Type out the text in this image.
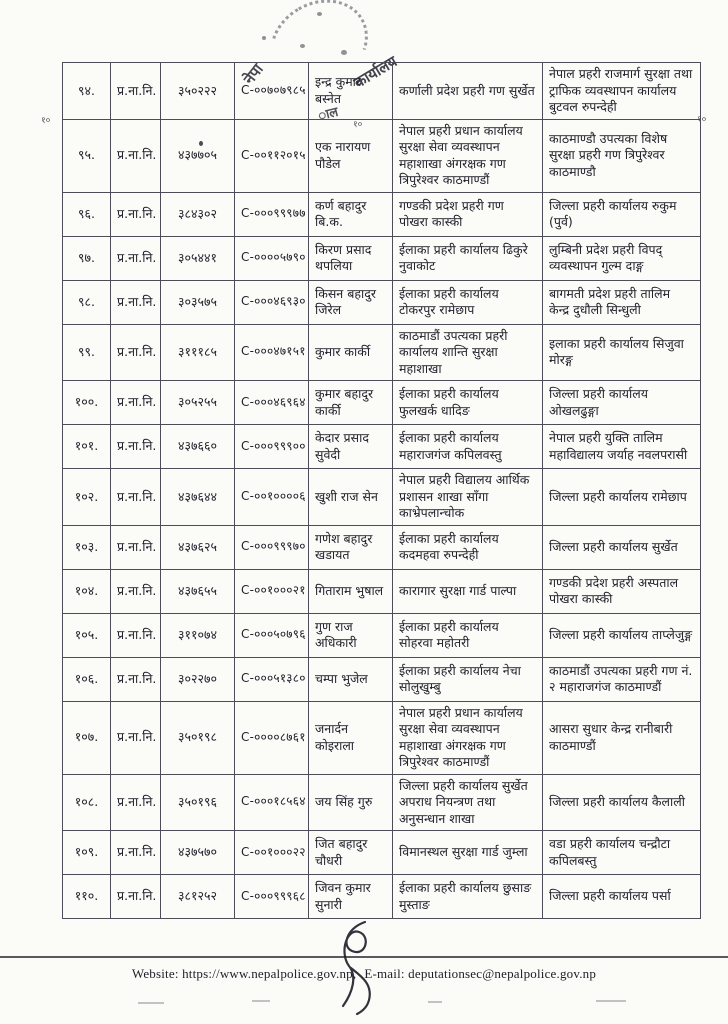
नेपा	कार्यालय
ाल
१०	१०	१०
९४.	प्र.ना.नि.	३५०२२२	C-००७०७९८५	इन्द्र कुमार बस्नेत	कर्णाली प्रदेश प्रहरी गण सुर्खेत	नेपाल प्रहरी राजमार्ग सुरक्षा तथा ट्राफिक व्यवस्थापन कार्यालय बुटवल रुपन्देही
९५.	प्र.ना.नि.	४३७७०५	C-००११२०१५	एक नारायण पौडेल	नेपाल प्रहरी प्रधान कार्यालय सुरक्षा सेवा व्यवस्थापन महाशाखा अंगरक्षक गण त्रिपुरेश्वर काठमाण्डौं	काठमाण्डौ उपत्यका विशेष सुरक्षा प्रहरी गण त्रिपुरेश्वर काठमाण्डौ
९६.	प्र.ना.नि.	३८४३०२	C-०००९९९७७	कर्ण बहादुर बि.क.	गण्डकी प्रदेश प्रहरी गण पोखरा कास्की	जिल्ला प्रहरी कार्यालय रुकुम (पुर्व)
९७.	प्र.ना.नि.	३०५४४१	C-००००५७९०	किरण प्रसाद थपलिया	ईलाका प्रहरी कार्यालय ढिकुरे नुवाकोट	लुम्बिनी प्रदेश प्रहरी विपद् व्यवस्थापन गुल्म दाङ्ग
९८.	प्र.ना.नि.	३०३५७५	C-०००४६९३०	किसन बहादुर जिरेल	ईलाका प्रहरी कार्यालय टोकरपुर रामेछाप	बागमती प्रदेश प्रहरी तालिम केन्द्र दुधौली सिन्धुली
९९.	प्र.ना.नि.	३१११८५	C-०००४७१५१	कुमार कार्की	काठमाडौं उपत्यका प्रहरी कार्यालय शान्ति सुरक्षा महाशाखा	इलाका प्रहरी कार्यालय सिजुवा मोरङ्ग
१००.	प्र.ना.नि.	३०५२५५	C-०००४६९६४	कुमार बहादुर कार्की	ईलाका प्रहरी कार्यालय फुलखर्क धादिङ	जिल्ला प्रहरी कार्यालय ओखलढुङ्गा
१०१.	प्र.ना.नि.	४३७६६०	C-०००९९९००	केदार प्रसाद सुवेदी	ईलाका प्रहरी कार्यालय महाराजगंज कपिलवस्तु	नेपाल प्रहरी युक्ति तालिम महाविद्यालय जर्याह नवलपरासी
१०२.	प्र.ना.नि.	४३७६४४	C-००१००००६	खुशी राज सेन	नेपाल प्रहरी विद्यालय आर्थिक प्रशासन शाखा साँगा काभ्रेपलान्चोक	जिल्ला प्रहरी कार्यालय रामेछाप
१०३.	प्र.ना.नि.	४३७६२५	C-०००९९९७०	गणेश बहादुर खडायत	ईलाका प्रहरी कार्यालय कदमहवा रुपन्देही	जिल्ला प्रहरी कार्यालय सुर्खेत
१०४.	प्र.ना.नि.	४३७६५५	C-००१०००२१	गिताराम भुषाल	कारागार सुरक्षा गार्ड पाल्पा	गण्डकी प्रदेश प्रहरी अस्पताल पोखरा कास्की
१०५.	प्र.ना.नि.	३११०७४	C-०००५०७९६	गुण राज अधिकारी	ईलाका प्रहरी कार्यालय सोहरवा महोतरी	जिल्ला प्रहरी कार्यालय ताप्लेजुङ्ग
१०६.	प्र.ना.नि.	३०२२७०	C-०००५१३८०	चम्पा भुजेल	ईलाका प्रहरी कार्यालय नेचा सोलुखुम्बु	काठमाडौं उपत्यका प्रहरी गण नं. २ महाराजगंज काठमाण्डौं
१०७.	प्र.ना.नि.	३५०१९८	C-००००८७६१	जनार्दन कोइराला	नेपाल प्रहरी प्रधान कार्यालय सुरक्षा सेवा व्यवस्थापन महाशाखा अंगरक्षक गण त्रिपुरेश्वर काठमाण्डौं	आसरा सुधार केन्द्र रानीबारी काठमाण्डौं
१०८.	प्र.ना.नि.	३५०१९६	C-०००१८५६४	जय सिंह गुरु	जिल्ला प्रहरी कार्यालय सुर्खेत अपराध नियन्त्रण तथा अनुसन्धान शाखा	जिल्ला प्रहरी कार्यालय कैलाली
१०९.	प्र.ना.नि.	४३७५७०	C-००१०००२२	जित बहादुर चौधरी	विमानस्थल सुरक्षा गार्ड जुम्ला	वडा प्रहरी कार्यालय चन्द्रौटा कपिलबस्तु
११०.	प्र.ना.नि.	३८१२५२	C-०००९९९६८	जिवन कुमार सुनारी	ईलाका प्रहरी कार्यालय छुसाङ मुस्ताङ	जिल्ला प्रहरी कार्यालय पर्सा
Website: https://www.nepalpolice.gov.np, E-mail: deputationsec@nepalpolice.gov.np
